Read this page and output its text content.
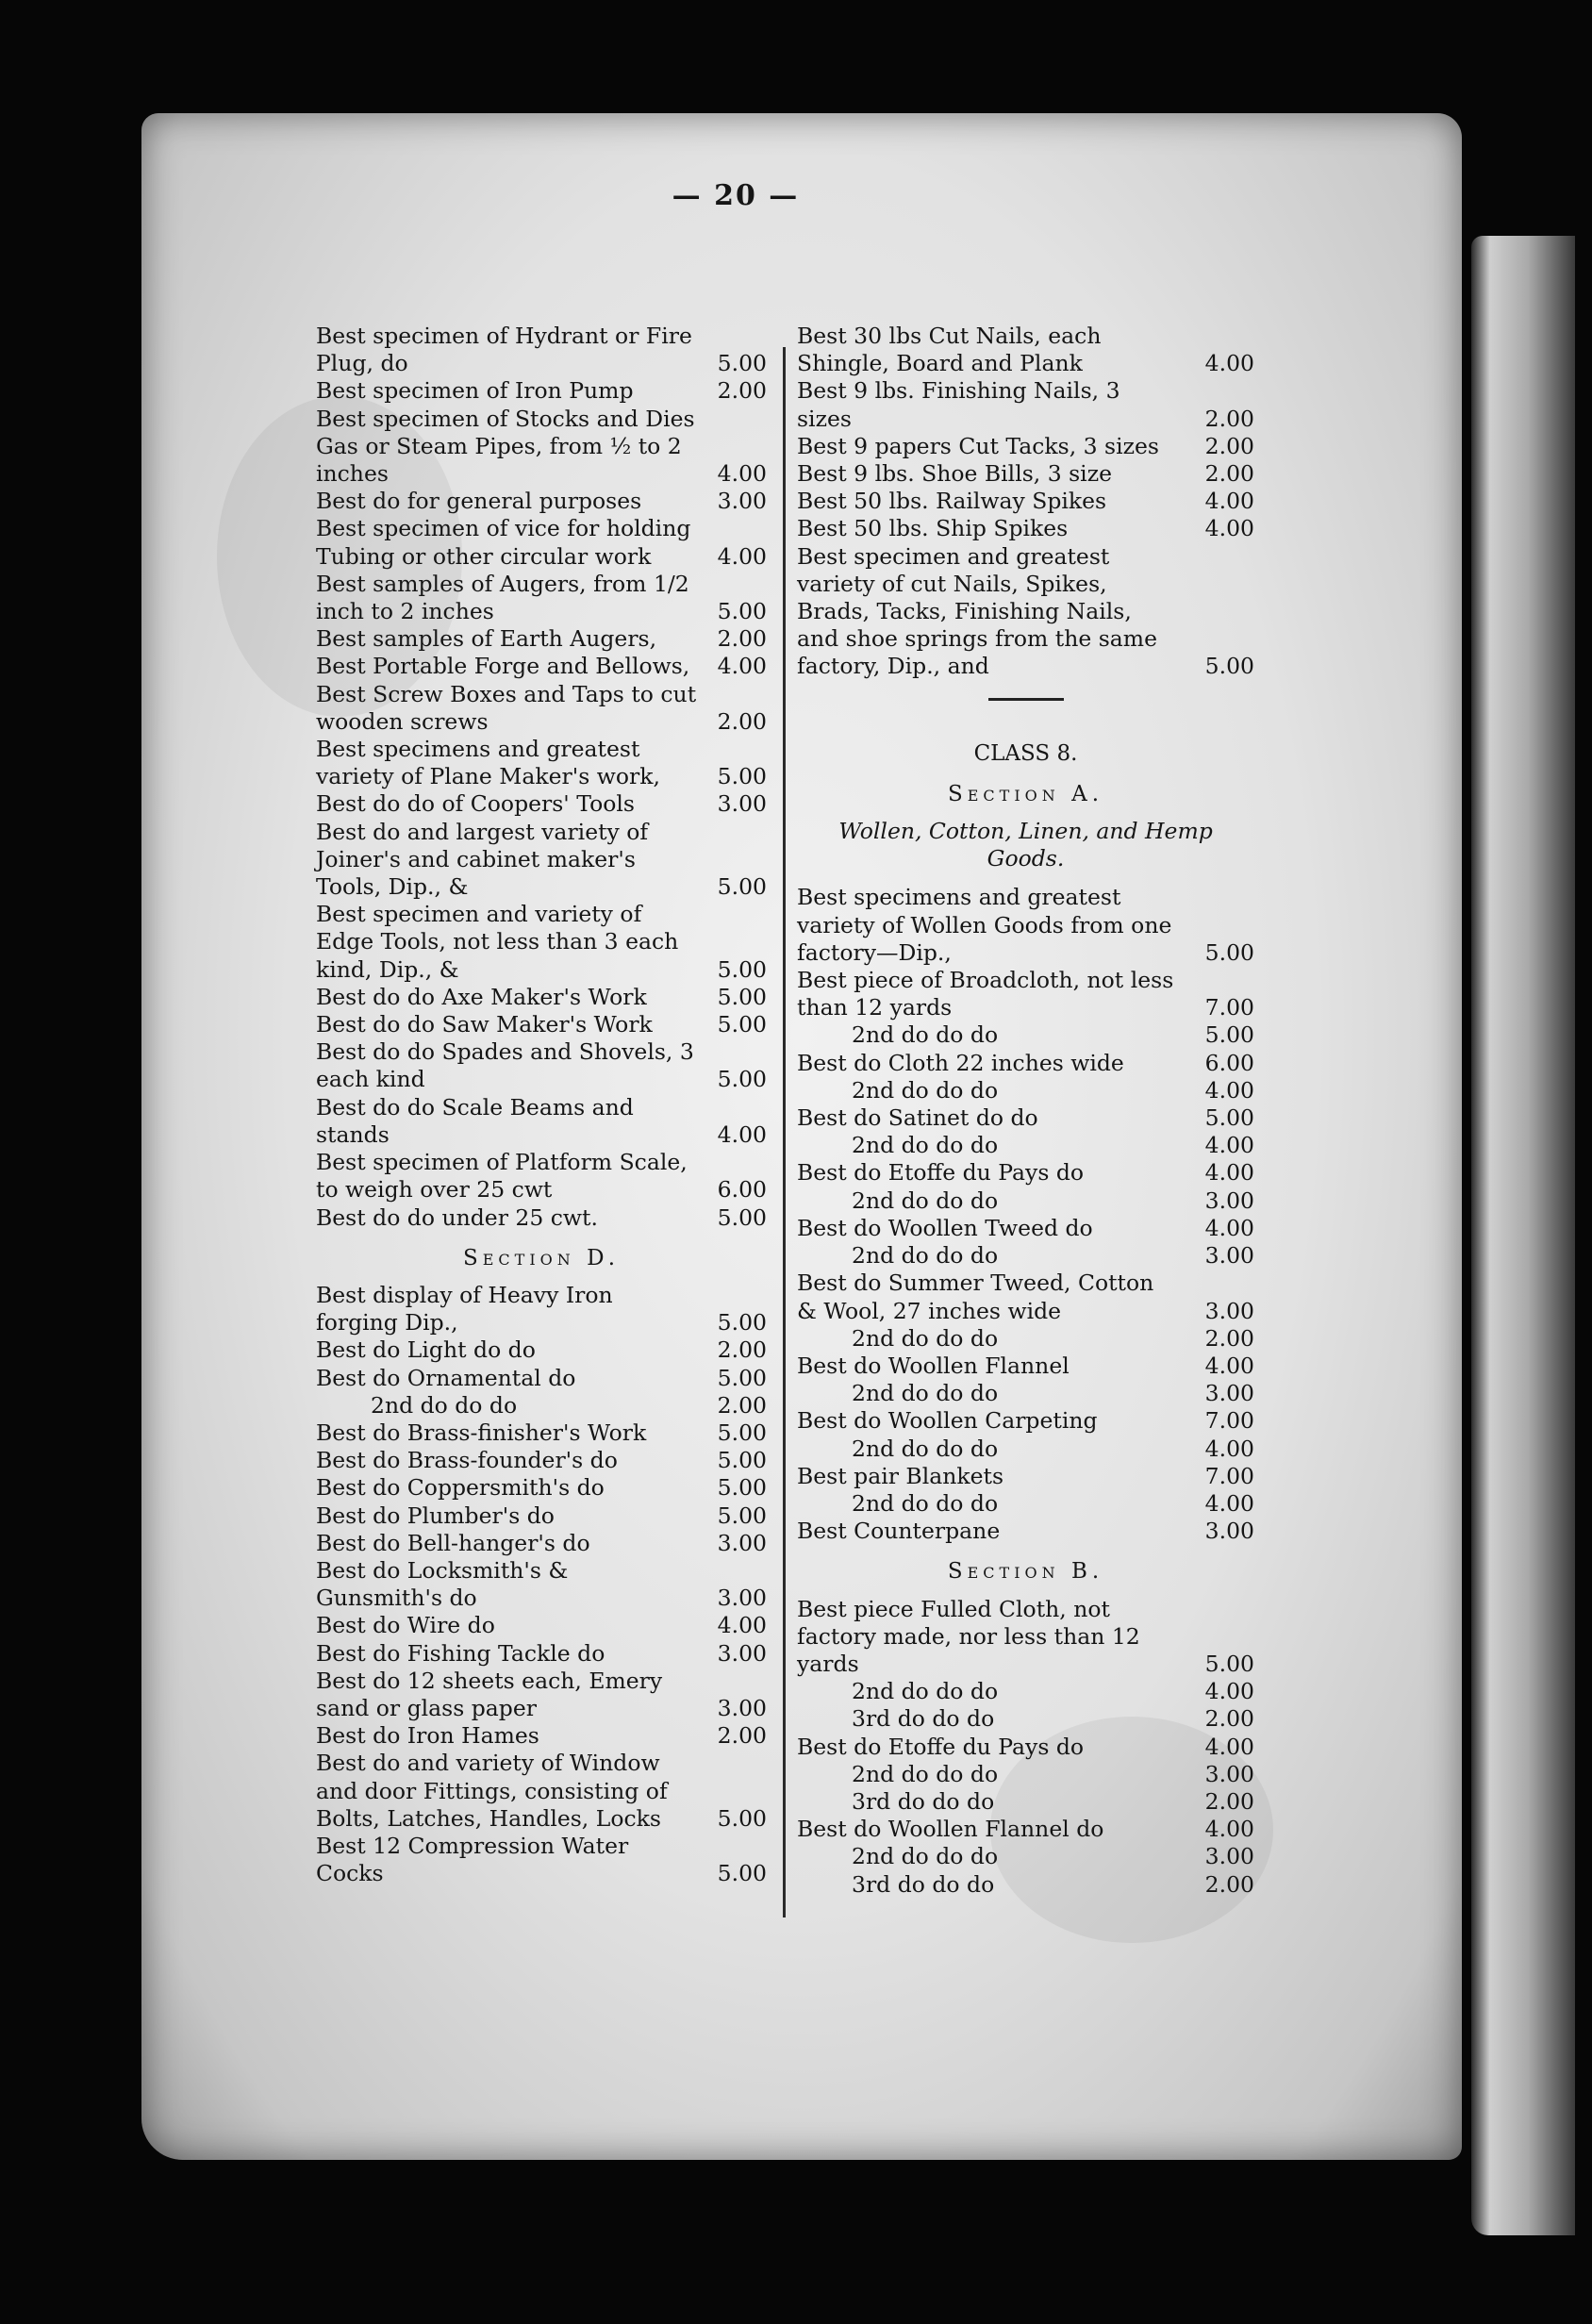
— 20 —
Best specimen of Hydrant or Fire Plug, do	5.00
Best specimen of Iron Pump	2.00
Best specimen of Stocks and Dies Gas or Steam Pipes, from ½ to 2 inches	4.00
Best do for general purposes	3.00
Best specimen of vice for holding Tubing or other circular work	4.00
Best samples of Augers, from 1/2 inch to 2 inches	5.00
Best samples of Earth Augers,	2.00
Best Portable Forge and Bellows,	4.00
Best Screw Boxes and Taps to cut wooden screws	2.00
Best specimens and greatest variety of Plane Maker's work,	5.00
Best do do of Coopers' Tools	3.00
Best do and largest variety of Joiner's and cabinet maker's Tools, Dip., &	5.00
Best specimen and variety of Edge Tools, not less than 3 each kind, Dip., &	5.00
Best do do Axe Maker's Work	5.00
Best do do Saw Maker's Work	5.00
Best do do Spades and Shovels, 3 each kind	5.00
Best do do Scale Beams and stands	4.00
Best specimen of Platform Scale, to weigh over 25 cwt	6.00
Best do do under 25 cwt.	5.00
Section D.
Best display of Heavy Iron forging Dip.,	5.00
Best do Light do do	2.00
Best do Ornamental do	5.00
2nd do do do	2.00
Best do Brass-finisher's Work	5.00
Best do Brass-founder's do	5.00
Best do Coppersmith's do	5.00
Best do Plumber's do	5.00
Best do Bell-hanger's do	3.00
Best do Locksmith's & Gunsmith's do	3.00
Best do Wire do	4.00
Best do Fishing Tackle do	3.00
Best do 12 sheets each, Emery sand or glass paper	3.00
Best do Iron Hames	2.00
Best do and variety of Window and door Fittings, consisting of Bolts, Latches, Handles, Locks	5.00
Best 12 Compression Water Cocks	5.00
Best 30 lbs Cut Nails, each Shingle, Board and Plank	4.00
Best 9 lbs. Finishing Nails, 3 sizes	2.00
Best 9 papers Cut Tacks, 3 sizes	2.00
Best 9 lbs. Shoe Bills, 3 size	2.00
Best 50 lbs. Railway Spikes	4.00
Best 50 lbs. Ship Spikes	4.00
Best specimen and greatest variety of cut Nails, Spikes, Brads, Tacks, Finishing Nails, and shoe springs from the same factory, Dip., and	5.00
CLASS 8.
Section A.
Wollen, Cotton, Linen, and Hemp Goods.
Best specimens and greatest variety of Wollen Goods from one factory—Dip.,	5.00
Best piece of Broadcloth, not less than 12 yards	7.00
2nd do do do	5.00
Best do Cloth 22 inches wide	6.00
2nd do do do	4.00
Best do Satinet do do	5.00
2nd do do do	4.00
Best do Etoffe du Pays do	4.00
2nd do do do	3.00
Best do Woollen Tweed do	4.00
2nd do do do	3.00
Best do Summer Tweed, Cotton & Wool, 27 inches wide	3.00
2nd do do do	2.00
Best do Woollen Flannel	4.00
2nd do do do	3.00
Best do Woollen Carpeting	7.00
2nd do do do	4.00
Best pair Blankets	7.00
2nd do do do	4.00
Best Counterpane	3.00
Section B.
Best piece Fulled Cloth, not factory made, nor less than 12 yards	5.00
2nd do do do	4.00
3rd do do do	2.00
Best do Etoffe du Pays do	4.00
2nd do do do	3.00
3rd do do do	2.00
Best do Woollen Flannel do	4.00
2nd do do do	3.00
3rd do do do	2.00
